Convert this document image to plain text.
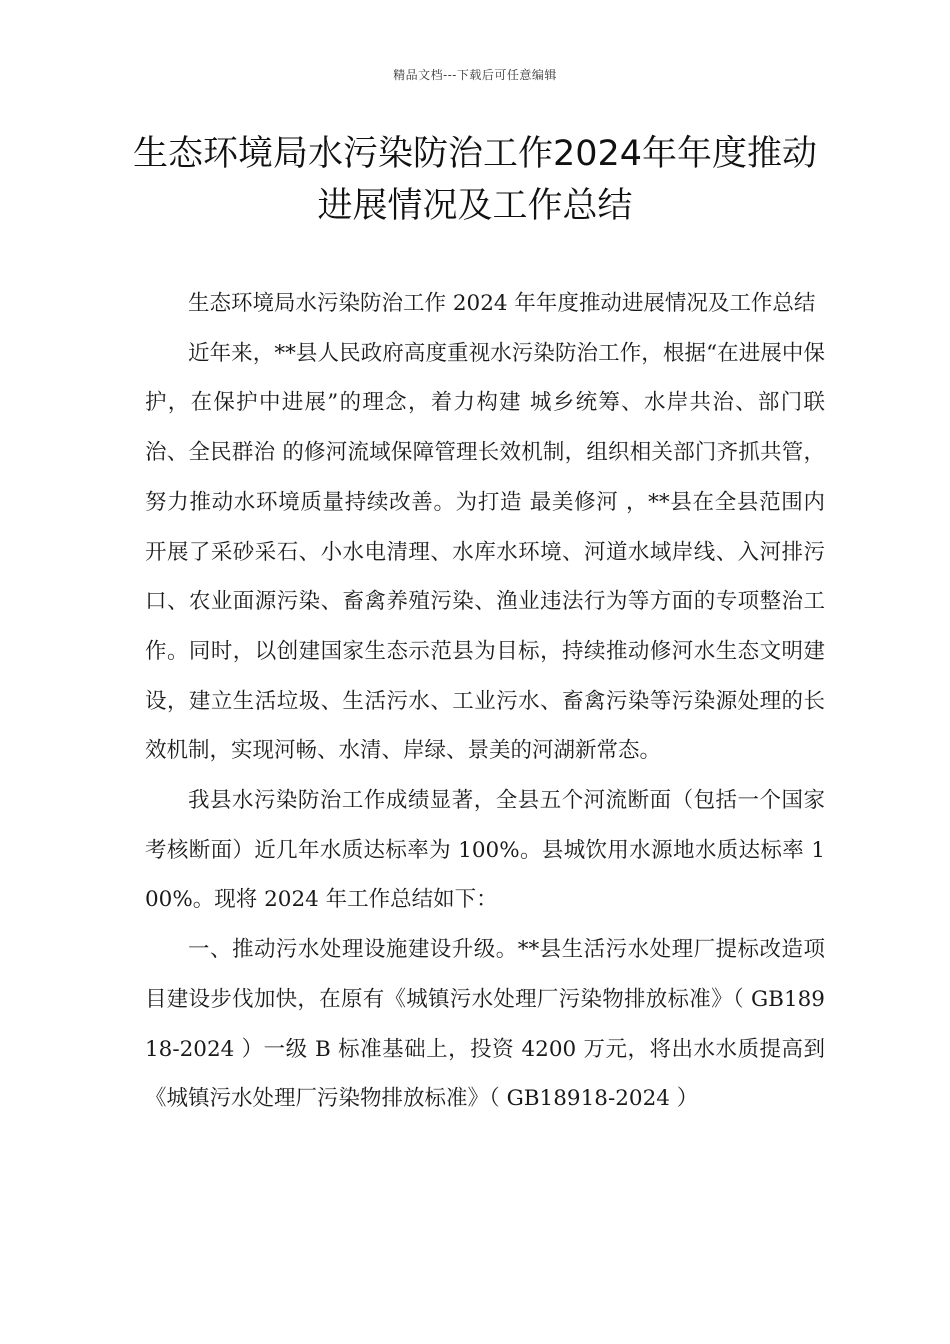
精品文档---下载后可任意编辑
生态环境局水污染防治工作2024年年度推动进展情况及工作总结

生态环境局水污染防治工作 2024 年年度推动进展情况及工作总结

近年来，**县人民政府高度重视水污染防治工作，根据“在进展中保护，在保护中进展”的理念，着力构建 城乡统筹、水岸共治、部门联治、全民群治 的修河流域保障管理长效机制，组织相关部门齐抓共管，努力推动水环境质量持续改善。为打造 最美修河 ，**县在全县范围内开展了采砂采石、小水电清理、水库水环境、河道水域岸线、入河排污口、农业面源污染、畜禽养殖污染、渔业违法行为等方面的专项整治工作。同时，以创建国家生态示范县为目标，持续推动修河水生态文明建设，建立生活垃圾、生活污水、工业污水、畜禽污染等污染源处理的长效机制，实现河畅、水清、岸绿、景美的河湖新常态。

我县水污染防治工作成绩显著，全县五个河流断面（包括一个国家考核断面）近几年水质达标率为 100%。县城饮用水源地水质达标率 100%。现将 2024 年工作总结如下：

一、推动污水处理设施建设升级。**县生活污水处理厂提标改造项目建设步伐加快，在原有《城镇污水处理厂污染物排放标准》（ GB18918-2024 ）一级 B 标准基础上，投资 4200 万元，将出水水质提高到《城镇污水处理厂污染物排放标准》（ GB18918-2024 ）
